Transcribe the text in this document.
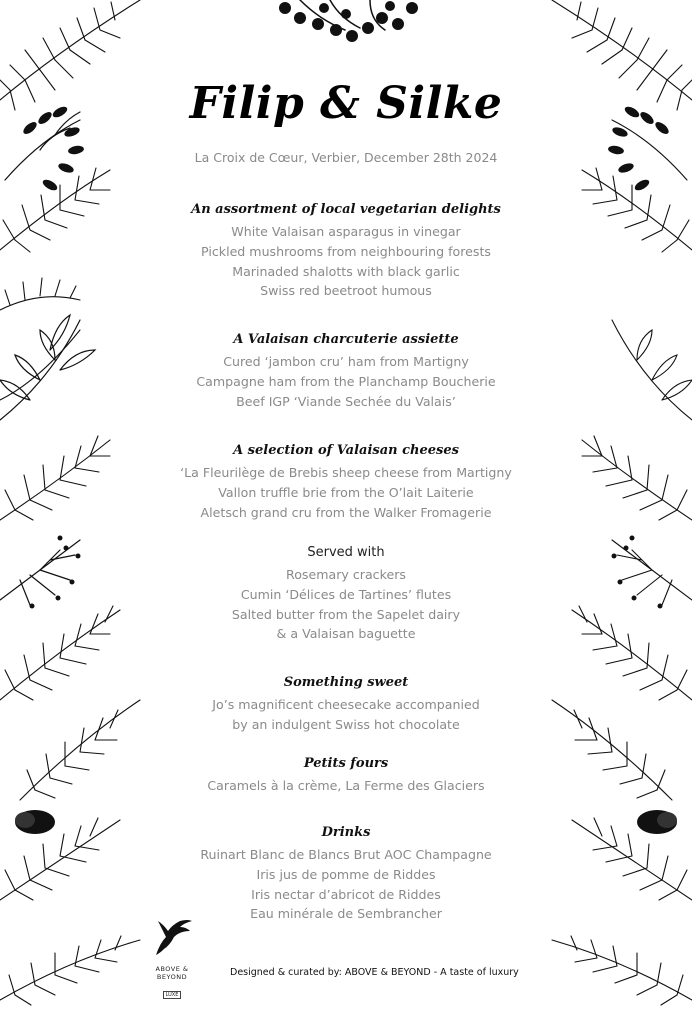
Filip & Silke
La Croix de Cœur, Verbier, December 28th 2024
An assortment of local vegetarian delights
White Valaisan asparagus in vinegar
Pickled mushrooms from neighbouring forests
Marinaded shalotts with black garlic
Swiss red beetroot humous
A Valaisan charcuterie assiette
Cured ‘jambon cru’ ham from Martigny
Campagne ham from the Planchamp Boucherie
Beef IGP ‘Viande Sechée du Valais’
A selection of Valaisan cheeses
‘La Fleurilège de Brebis sheep cheese from Martigny
Vallon truffle brie from the O’lait Laiterie
Aletsch grand cru from the Walker Fromagerie
Served with
Rosemary crackers
Cumin ‘Délices de Tartines’ flutes
Salted butter from the Sapelet dairy
& a Valaisan baguette
Something sweet
Jo’s magnificent cheesecake accompanied
by an indulgent Swiss hot chocolate
Petits fours
Caramels à la crème, La Ferme des Glaciers
Drinks
Ruinart Blanc de Blancs Brut AOC Champagne
Iris jus de pomme de Riddes
Iris nectar d’abricot de Riddes
Eau minérale de Sembrancher
ABOVE & BEYOND
LUXE
Designed & curated by: ABOVE & BEYOND - A taste of luxury
